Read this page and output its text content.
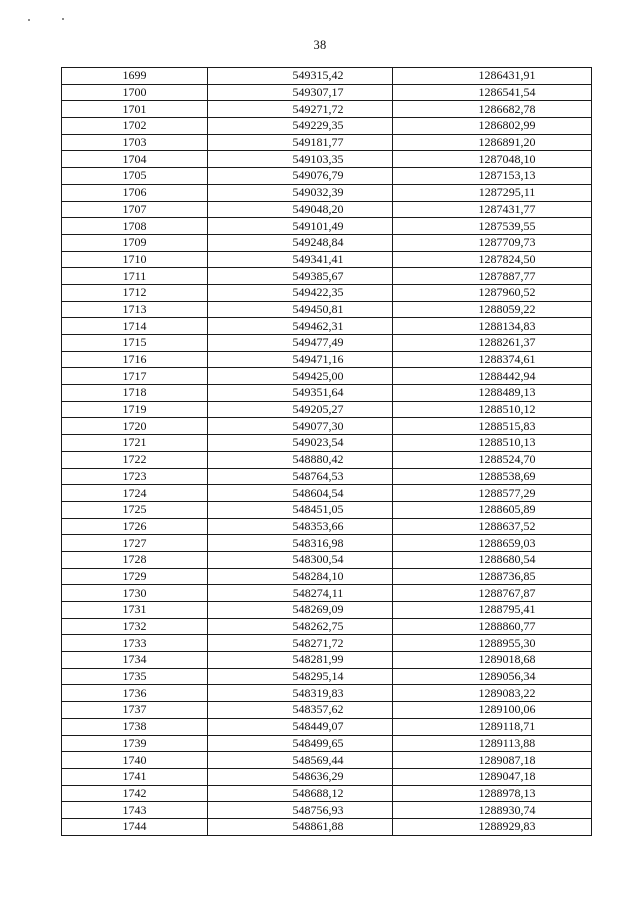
38
1699	549315,42	1286431,91
1700	549307,17	1286541,54
1701	549271,72	1286682,78
1702	549229,35	1286802,99
1703	549181,77	1286891,20
1704	549103,35	1287048,10
1705	549076,79	1287153,13
1706	549032,39	1287295,11
1707	549048,20	1287431,77
1708	549101,49	1287539,55
1709	549248,84	1287709,73
1710	549341,41	1287824,50
1711	549385,67	1287887,77
1712	549422,35	1287960,52
1713	549450,81	1288059,22
1714	549462,31	1288134,83
1715	549477,49	1288261,37
1716	549471,16	1288374,61
1717	549425,00	1288442,94
1718	549351,64	1288489,13
1719	549205,27	1288510,12
1720	549077,30	1288515,83
1721	549023,54	1288510,13
1722	548880,42	1288524,70
1723	548764,53	1288538,69
1724	548604,54	1288577,29
1725	548451,05	1288605,89
1726	548353,66	1288637,52
1727	548316,98	1288659,03
1728	548300,54	1288680,54
1729	548284,10	1288736,85
1730	548274,11	1288767,87
1731	548269,09	1288795,41
1732	548262,75	1288860,77
1733	548271,72	1288955,30
1734	548281,99	1289018,68
1735	548295,14	1289056,34
1736	548319,83	1289083,22
1737	548357,62	1289100,06
1738	548449,07	1289118,71
1739	548499,65	1289113,88
1740	548569,44	1289087,18
1741	548636,29	1289047,18
1742	548688,12	1288978,13
1743	548756,93	1288930,74
1744	548861,88	1288929,83
